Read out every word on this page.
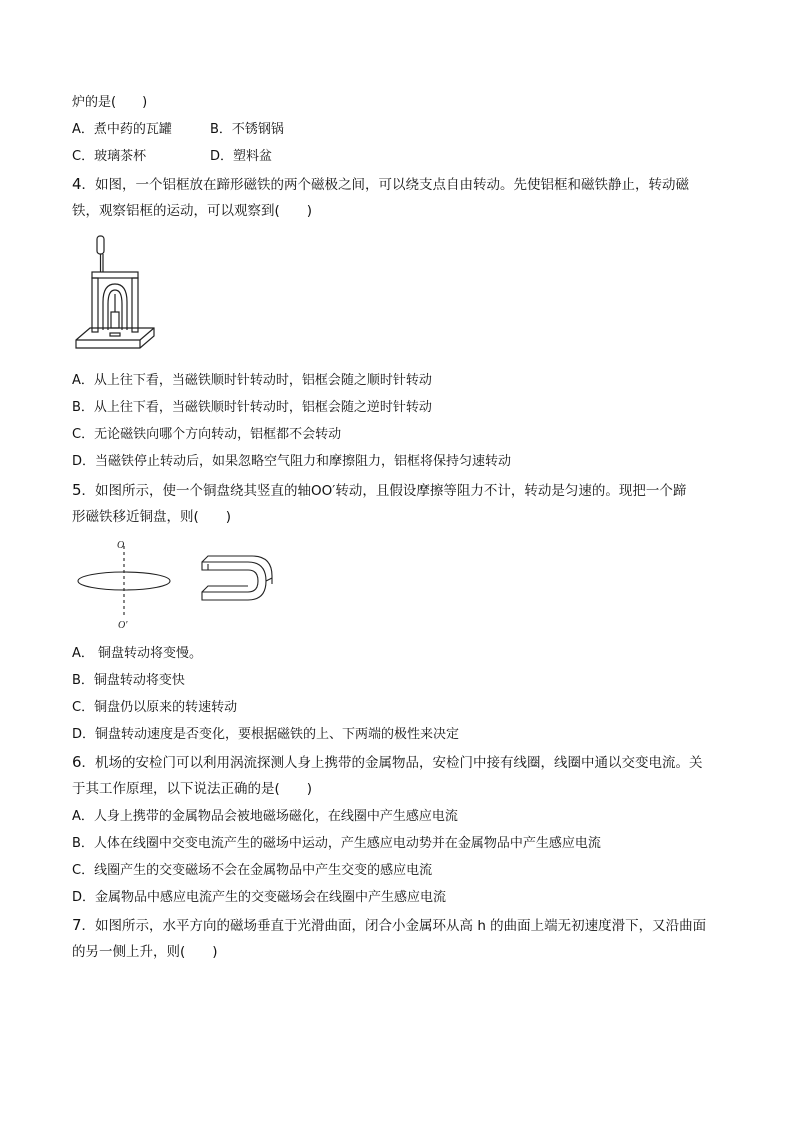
炉的是(　　)
A．煮中药的瓦罐	B．不锈钢锅
C．玻璃茶杯	D．塑料盆
4．如图，一个铝框放在蹄形磁铁的两个磁极之间，可以绕支点自由转动。先使铝框和磁铁静止，转动磁
铁，观察铝框的运动，可以观察到(　　)
A．从上往下看，当磁铁顺时针转动时，铝框会随之顺时针转动
B．从上往下看，当磁铁顺时针转动时，铝框会随之逆时针转动
C．无论磁铁向哪个方向转动，铝框都不会转动
D．当磁铁停止转动后，如果忽略空气阻力和摩擦阻力，铝框将保持匀速转动
5．如图所示，使一个铜盘绕其竖直的轴OO′转动，且假设摩擦等阻力不计，转动是匀速的。现把一个蹄
形磁铁移近铜盘，则(　　)
O
O′
A． 铜盘转动将变慢。
B．铜盘转动将变快
C．铜盘仍以原来的转速转动
D．铜盘转动速度是否变化，要根据磁铁的上、下两端的极性来决定
6．机场的安检门可以利用涡流探测人身上携带的金属物品，安检门中接有线圈，线圈中通以交变电流。关
于其工作原理，以下说法正确的是(　　)
A．人身上携带的金属物品会被地磁场磁化，在线圈中产生感应电流
B．人体在线圈中交变电流产生的磁场中运动，产生感应电动势并在金属物品中产生感应电流
C．线圈产生的交变磁场不会在金属物品中产生交变的感应电流
D．金属物品中感应电流产生的交变磁场会在线圈中产生感应电流
7．如图所示，水平方向的磁场垂直于光滑曲面，闭合小金属环从高 h 的曲面上端无初速度滑下，又沿曲面
的另一侧上升，则(　　)
